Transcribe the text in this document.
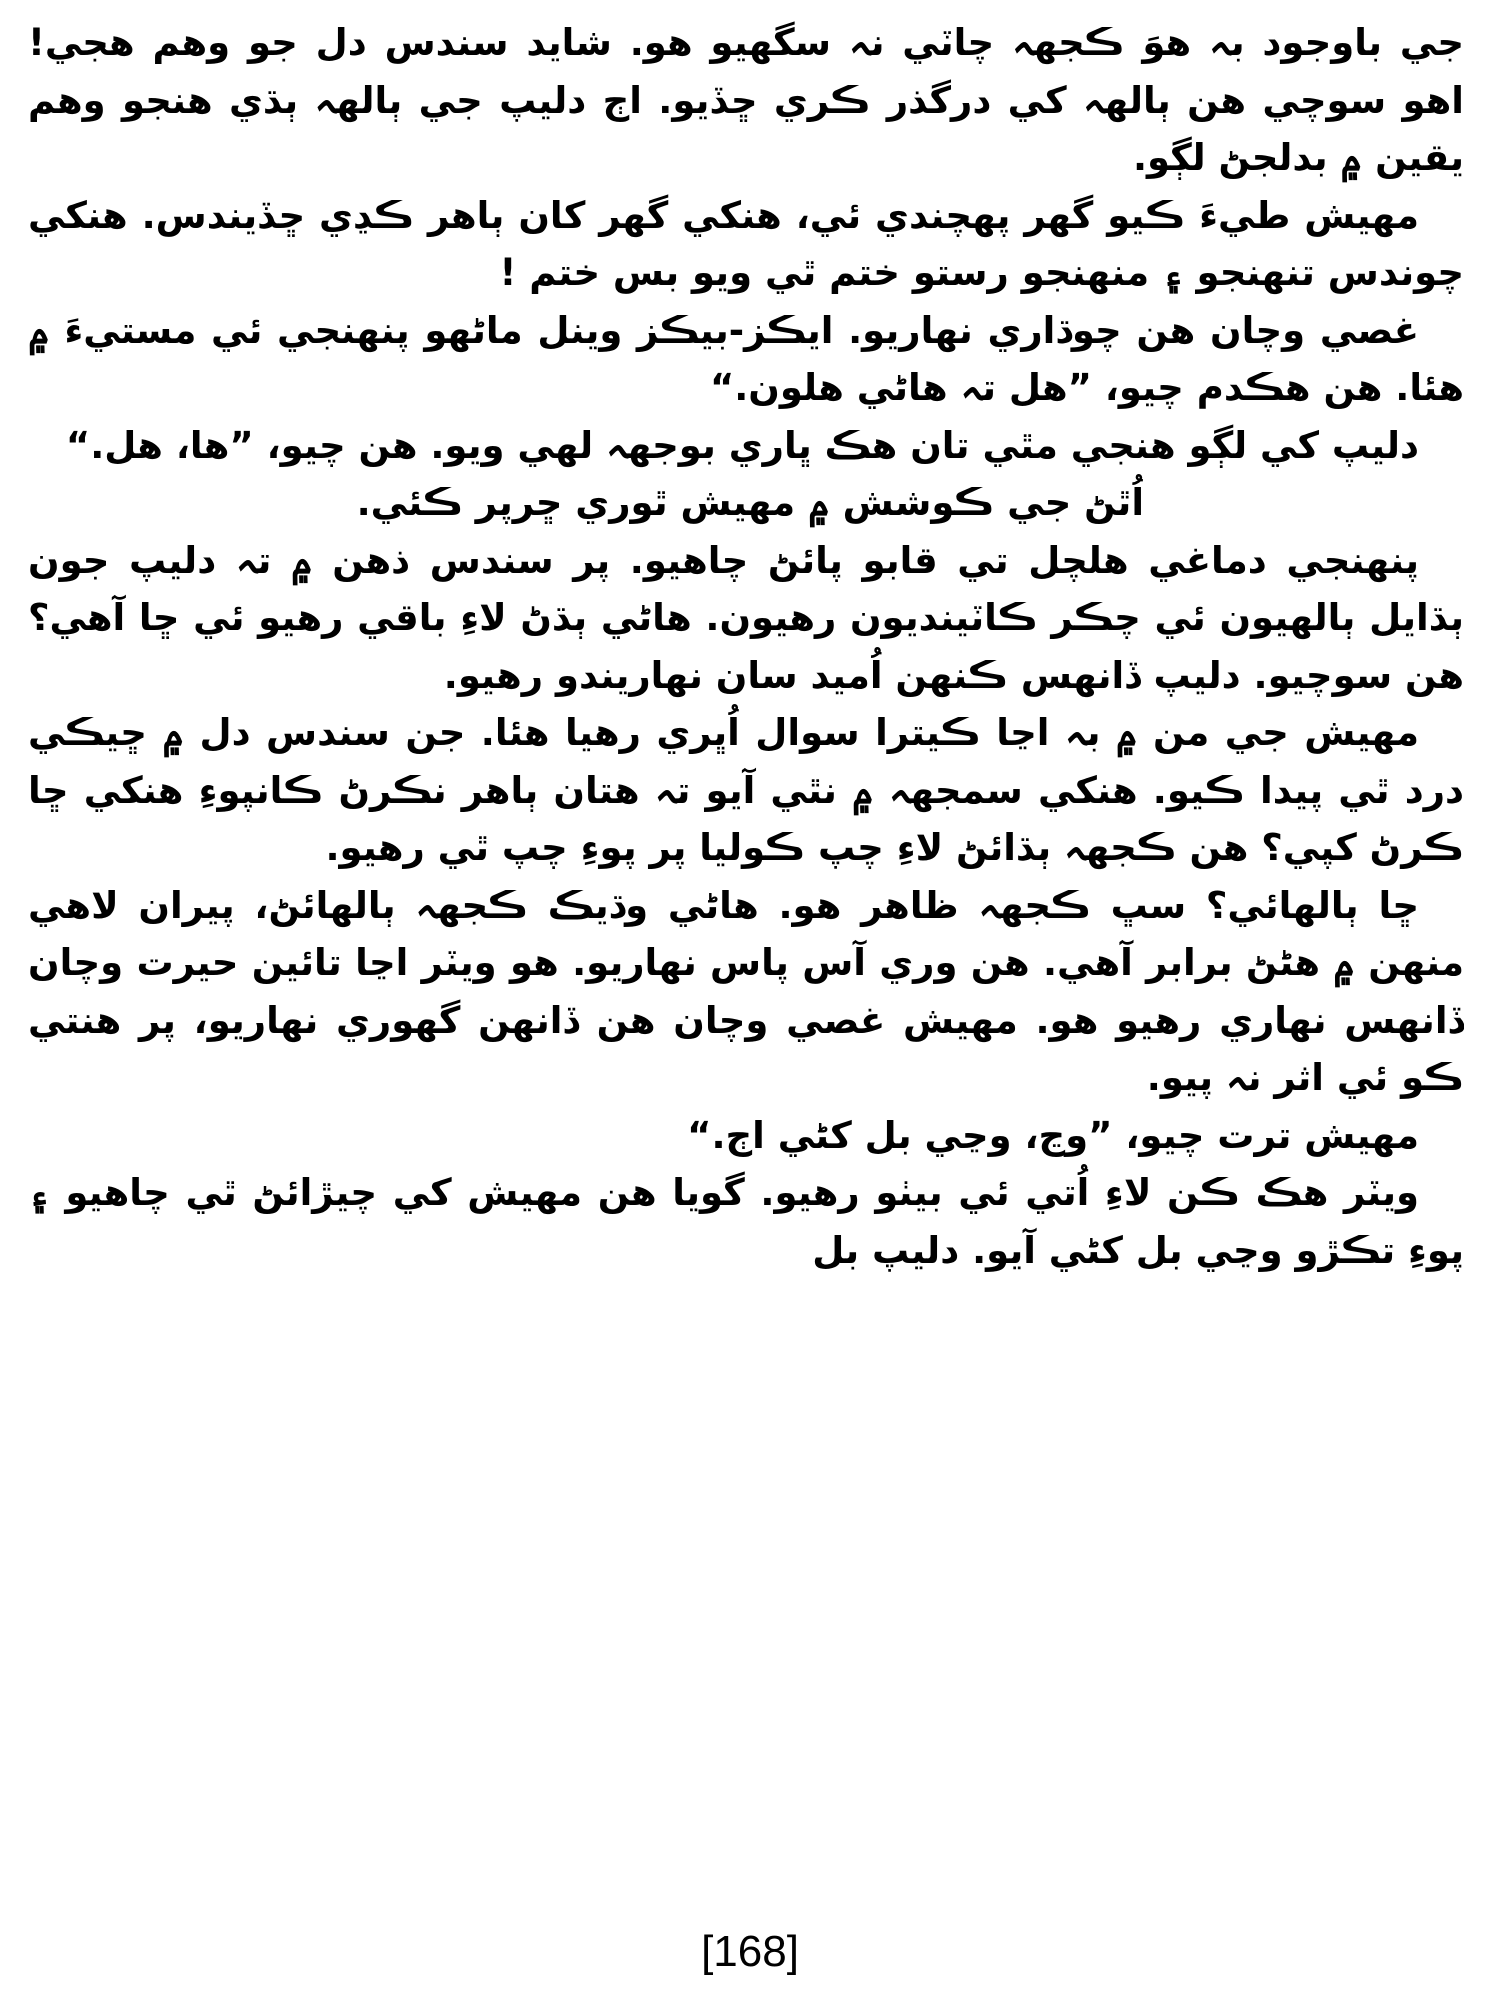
جي باوجود بہ هوَ ڪجهہ چاٽي نہ سگهيو هو. شايد سندس دل جو وهم هجي! اهو سوچي هن ٻالهہ کي درگذر ڪري ڇڏيو. اڄ دليپ جي ٻالهہ ٻڌي هنجو وهم يقين ۾ بدلجڻ لڳو.

مهيش طيءَ ڪيو گهر پهچندي ئي، هنکي گهر کان ٻاهر ڪڍي ڇڏيندس. هنکي چوندس تنهنجو ۽ منهنجو رستو ختم ٿي ويو بس ختم !

غصي وچان هن چوڌاري نهاريو. ايڪز-بيڪز وينل ماڻهو پنهنجي ئي مستيءَ ۾ هئا. هن هڪدم چيو، ”هل تہ هاڻي هلون.“

دليپ کي لڳو هنجي مٿي تان هڪ ڀاري بوجهہ لهي ويو. هن چيو، ”ها، هل.“

اُٿڻ جي ڪوشش ۾ مهيش ٿوري ڇرپر ڪئي.

پنهنجي دماغي هلچل تي قابو پائڻ چاهيو. پر سندس ذهن ۾ تہ دليپ جون ٻڌايل ٻالهيون ئي چڪر ڪاٽينديون رهيون. هاڻي ٻڌڻ لاءِ باقي رهيو ئي ڇا آهي؟ هن سوچيو. دليپ ڏانهس ڪنهن اُميد سان نهاريندو رهيو.

مهيش جي من ۾ بہ اڃا ڪيترا سوال اُڀري رهيا هئا. جن سندس دل ۾ ڇيڪي درد ٿي پيدا ڪيو. هنکي سمجهہ ۾ نٿي آيو تہ هتان ٻاهر نڪرڻ ڪانپوءِ هنکي ڇا ڪرڻ کپي؟ هن ڪجهہ ٻڌائڻ لاءِ چپ ڪوليا پر پوءِ چپ ٿي رهيو.

ڇا ٻالهائي؟ سڀ ڪجهہ ظاهر هو. هاڻي وڌيڪ ڪجهہ ٻالهائڻ، پيران لاهي منهن ۾ هڻڻ برابر آهي. هن وري آس پاس نهاريو. هو ويٽر اڃا تائين حيرت وچان ڏانهس نهاري رهيو هو. مهيش غصي وچان هن ڏانهن گهوري نهاريو، پر هنتي ڪو ئي اثر نہ پيو.

مهيش ترت چيو، ”وڃ، وڃي بل کڻي اڄ.“

ويٽر هڪ ڪن لاءِ اُتي ئي بيٺو رهيو. گويا هن مهيش کي چيڙائڻ ٿي چاهيو ۽ پوءِ تڪڙو وڃي بل کڻي آيو. دليپ بل

[168]
